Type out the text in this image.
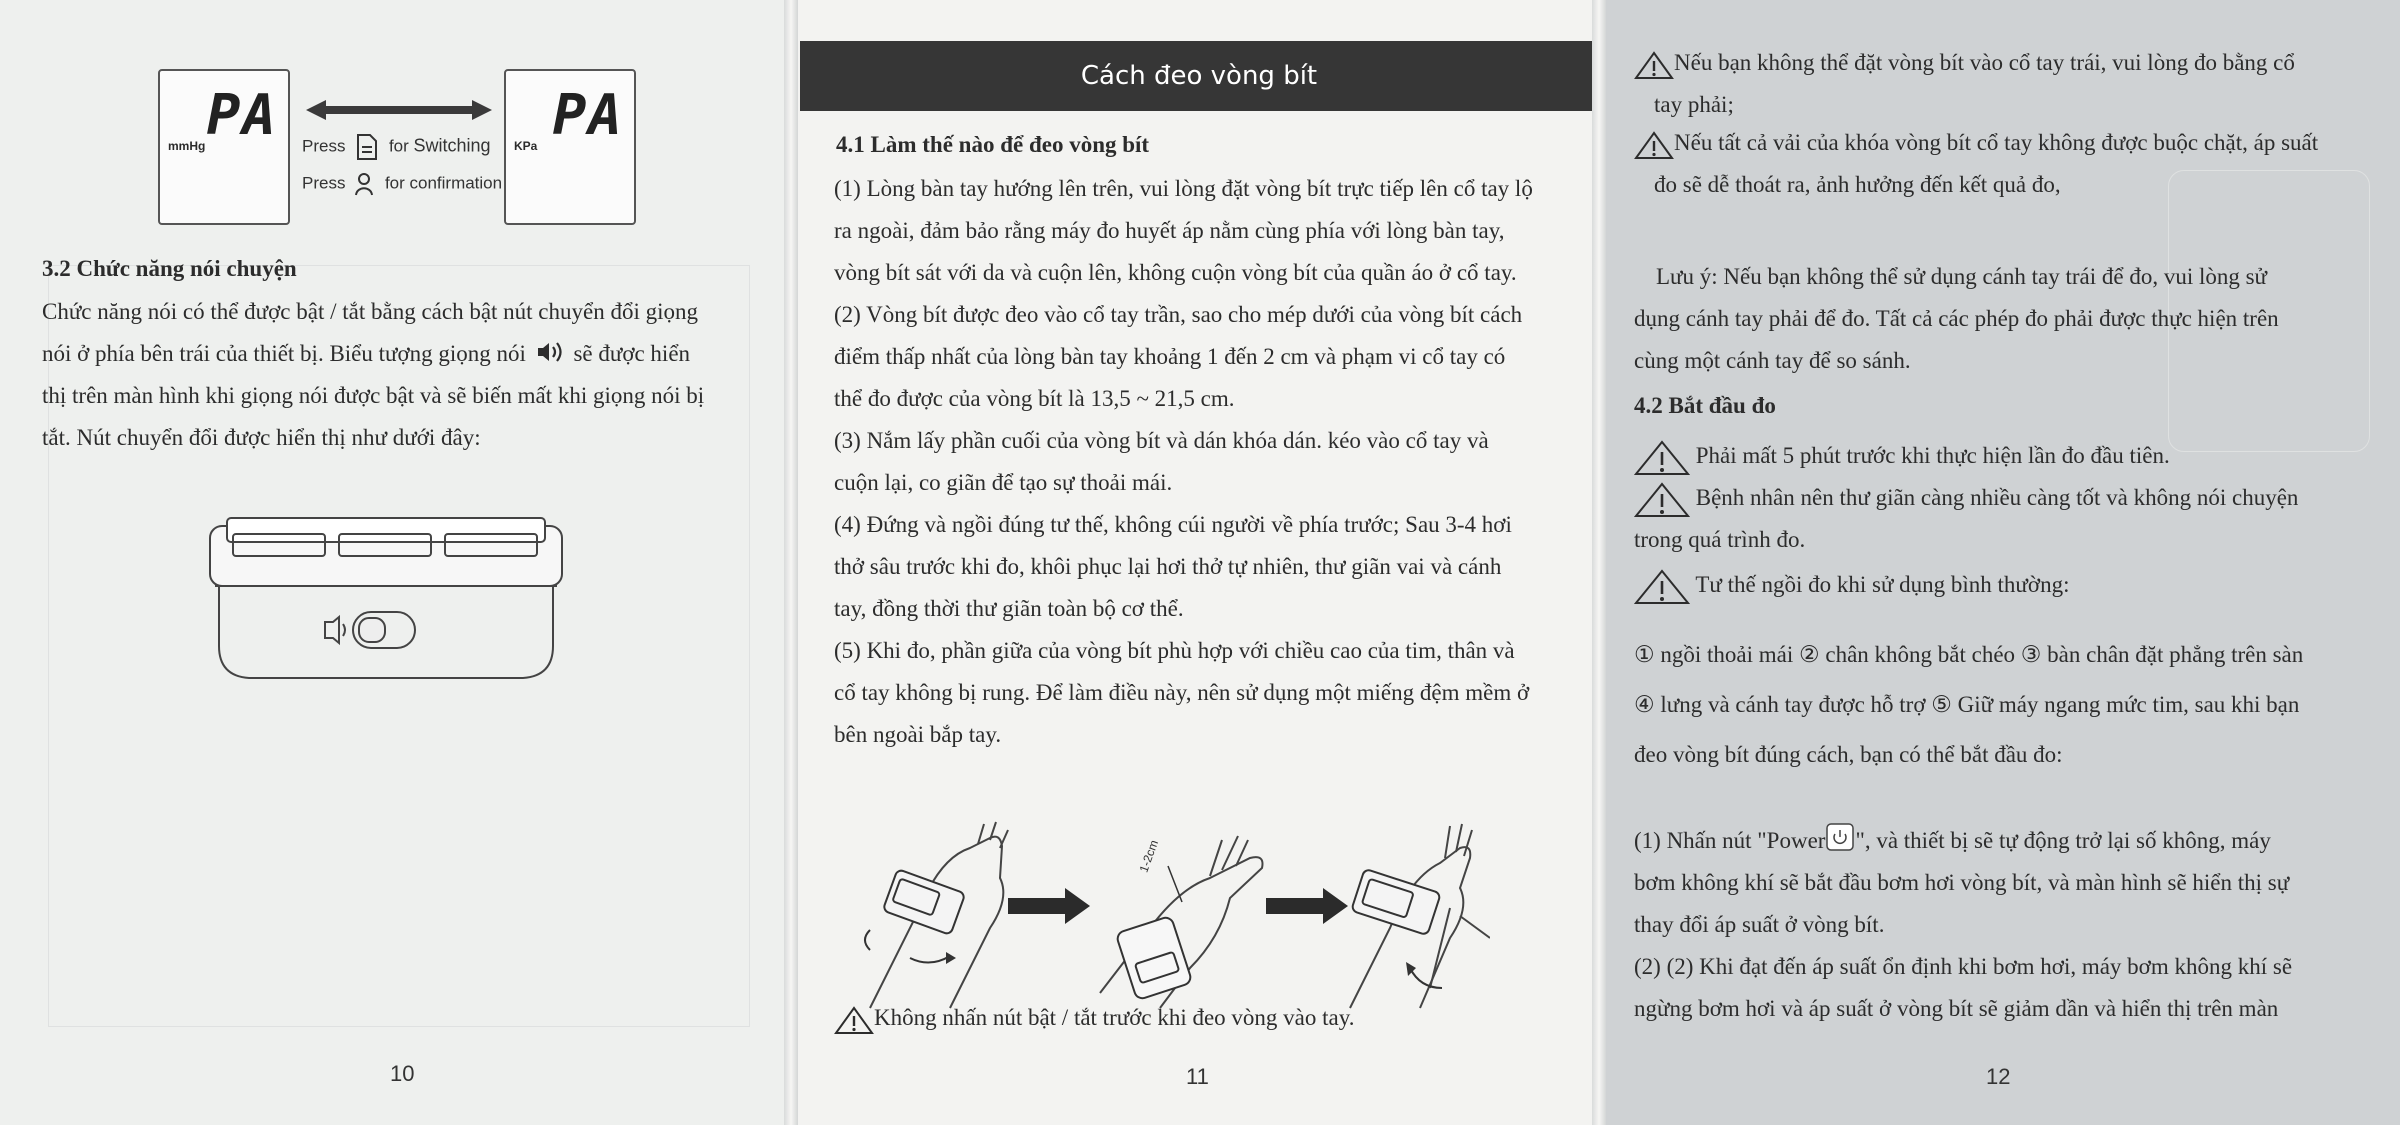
mmHg PA Press	for Switching
Press for confirmation
KPa PA
3.2 Chức năng nói chuyện
Chức năng nói có thể được bật / tắt bằng cách bật nút chuyển đổi giọng
nói ở phía bên trái của thiết bị. Biểu tượng giọng nói sẽ được hiển
thị trên màn hình khi giọng nói được bật và sẽ biến mất khi giọng nói bị
tắt. Nút chuyển đổi được hiển thị như dưới đây:
10
Cách đeo vòng bít
4.1 Làm thế nào để đeo vòng bít
(1) Lòng bàn tay hướng lên trên, vui lòng đặt vòng bít trực tiếp lên cổ tay lộ
ra ngoài, đảm bảo rằng máy đo huyết áp nằm cùng phía với lòng bàn tay,
vòng bít sát với da và cuộn lên, không cuộn vòng bít của quần áo ở cổ tay.
(2) Vòng bít được đeo vào cổ tay trần, sao cho mép dưới của vòng bít cách
điểm thấp nhất của lòng bàn tay khoảng 1 đến 2 cm và phạm vi cổ tay có
thể đo được của vòng bít là 13,5 ~ 21,5 cm.
(3) Nắm lấy phần cuối của vòng bít và dán khóa dán. kéo vào cổ tay và
cuộn lại, co giãn để tạo sự thoải mái.
(4) Đứng và ngồi đúng tư thế, không cúi người về phía trước; Sau 3-4 hơi
thở sâu trước khi đo, khôi phục lại hơi thở tự nhiên, thư giãn vai và cánh
tay, đồng thời thư giãn toàn bộ cơ thể.
(5) Khi đo, phần giữa của vòng bít phù hợp với chiều cao của tim, thân và
cổ tay không bị rung. Để làm điều này, nên sử dụng một miếng đệm mềm ở
bên ngoài bắp tay.
1-2cm
Không nhấn nút bật / tắt trước khi đeo vòng vào tay.
11
Nếu bạn không thể đặt vòng bít vào cổ tay trái, vui lòng đo bằng cổ
tay phải;
Nếu tất cả vải của khóa vòng bít cổ tay không được buộc chặt, áp suất
đo sẽ dễ thoát ra, ảnh hưởng đến kết quả đo,
Lưu ý: Nếu bạn không thể sử dụng cánh tay trái để đo, vui lòng sử
dụng cánh tay phải để đo. Tất cả các phép đo phải được thực hiện trên
cùng một cánh tay để so sánh.
4.2 Bắt đầu đo
Phải mất 5 phút trước khi thực hiện lần đo đầu tiên.
Bệnh nhân nên thư giãn càng nhiều càng tốt và không nói chuyện
trong quá trình đo.
Tư thế ngồi đo khi sử dụng bình thường:
① ngồi thoải mái ② chân không bắt chéo ③ bàn chân đặt phẳng trên sàn
④ lưng và cánh tay được hỗ trợ ⑤ Giữ máy ngang mức tim, sau khi bạn
đeo vòng bít đúng cách, bạn có thể bắt đầu đo:
(1) Nhấn nút "Power ", và thiết bị sẽ tự động trở lại số không, máy
bơm không khí sẽ bắt đầu bơm hơi vòng bít, và màn hình sẽ hiển thị sự
thay đổi áp suất ở vòng bít.
(2) (2) Khi đạt đến áp suất ổn định khi bơm hơi, máy bơm không khí sẽ
ngừng bơm hơi và áp suất ở vòng bít sẽ giảm dần và hiển thị trên màn
12
